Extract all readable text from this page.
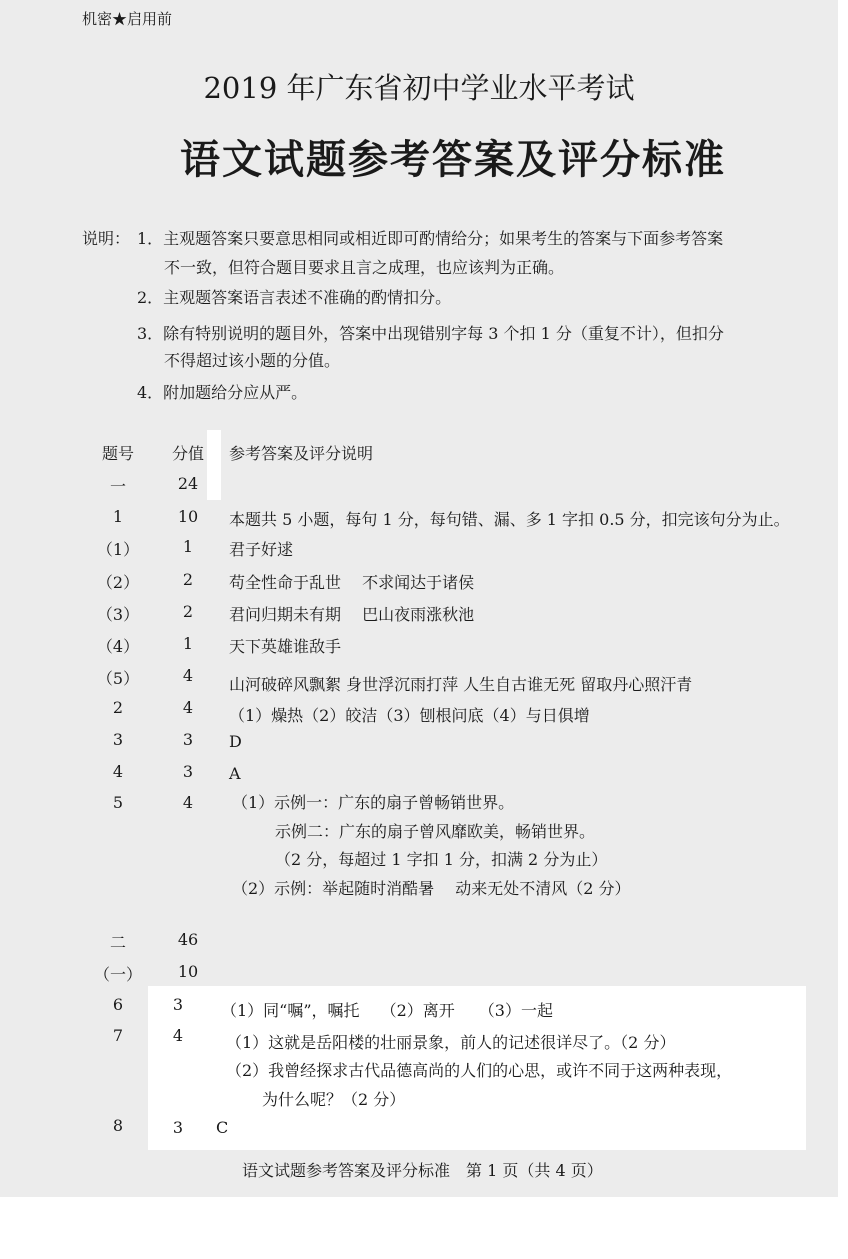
机密★启用前
2019 年广东省初中学业水平考试
语文试题参考答案及评分标准
说明： 1．主观题答案只要意思相同或相近即可酌情给分；如果考生的答案与下面参考答案
不一致，但符合题目要求且言之成理，也应该判为正确。
2．主观题答案语言表述不准确的酌情扣分。
3．除有特别说明的题目外，答案中出现错别字每 3 个扣 1 分（重复不计），但扣分
不得超过该小题的分值。
4．附加题给分应从严。
题号	分值 参考答案及评分说明
一	24
1	10	本题共 5 小题，每句 1 分，每句错、漏、多 1 字扣 0.5 分，扣完该句分为止。
（1）	1	君子好逑
（2）	2	苟全性命于乱世　 不求闻达于诸侯
（3）	2	君问归期未有期　 巴山夜雨涨秋池
（4）	1	天下英雄谁敌手
（5）	4	山河破碎风飘絮 身世浮沉雨打萍 人生自古谁无死 留取丹心照汗青
2	4	（1）燥热（2）皎洁（3）刨根问底（4）与日俱增
3	3	D
4	3	A
5	4	（1）示例一：广东的扇子曾畅销世界。
示例二：广东的扇子曾风靡欧美，畅销世界。
（2 分，每超过 1 字扣 1 分，扣满 2 分为止）
（2）示例：举起随时消酷暑　 动来无处不清风（2 分）
二	46
（一）	10
6	3	（1）同“嘱”，嘱托　 （2）离开　　（3）一起
7	4	（1）这就是岳阳楼的壮丽景象，前人的记述很详尽了。（2 分）
（2）我曾经探求古代品德高尚的人们的心思，或许不同于这两种表现，
为什么呢？（2 分）
8	3	C
语文试题参考答案及评分标准　第 1 页（共 4 页）
